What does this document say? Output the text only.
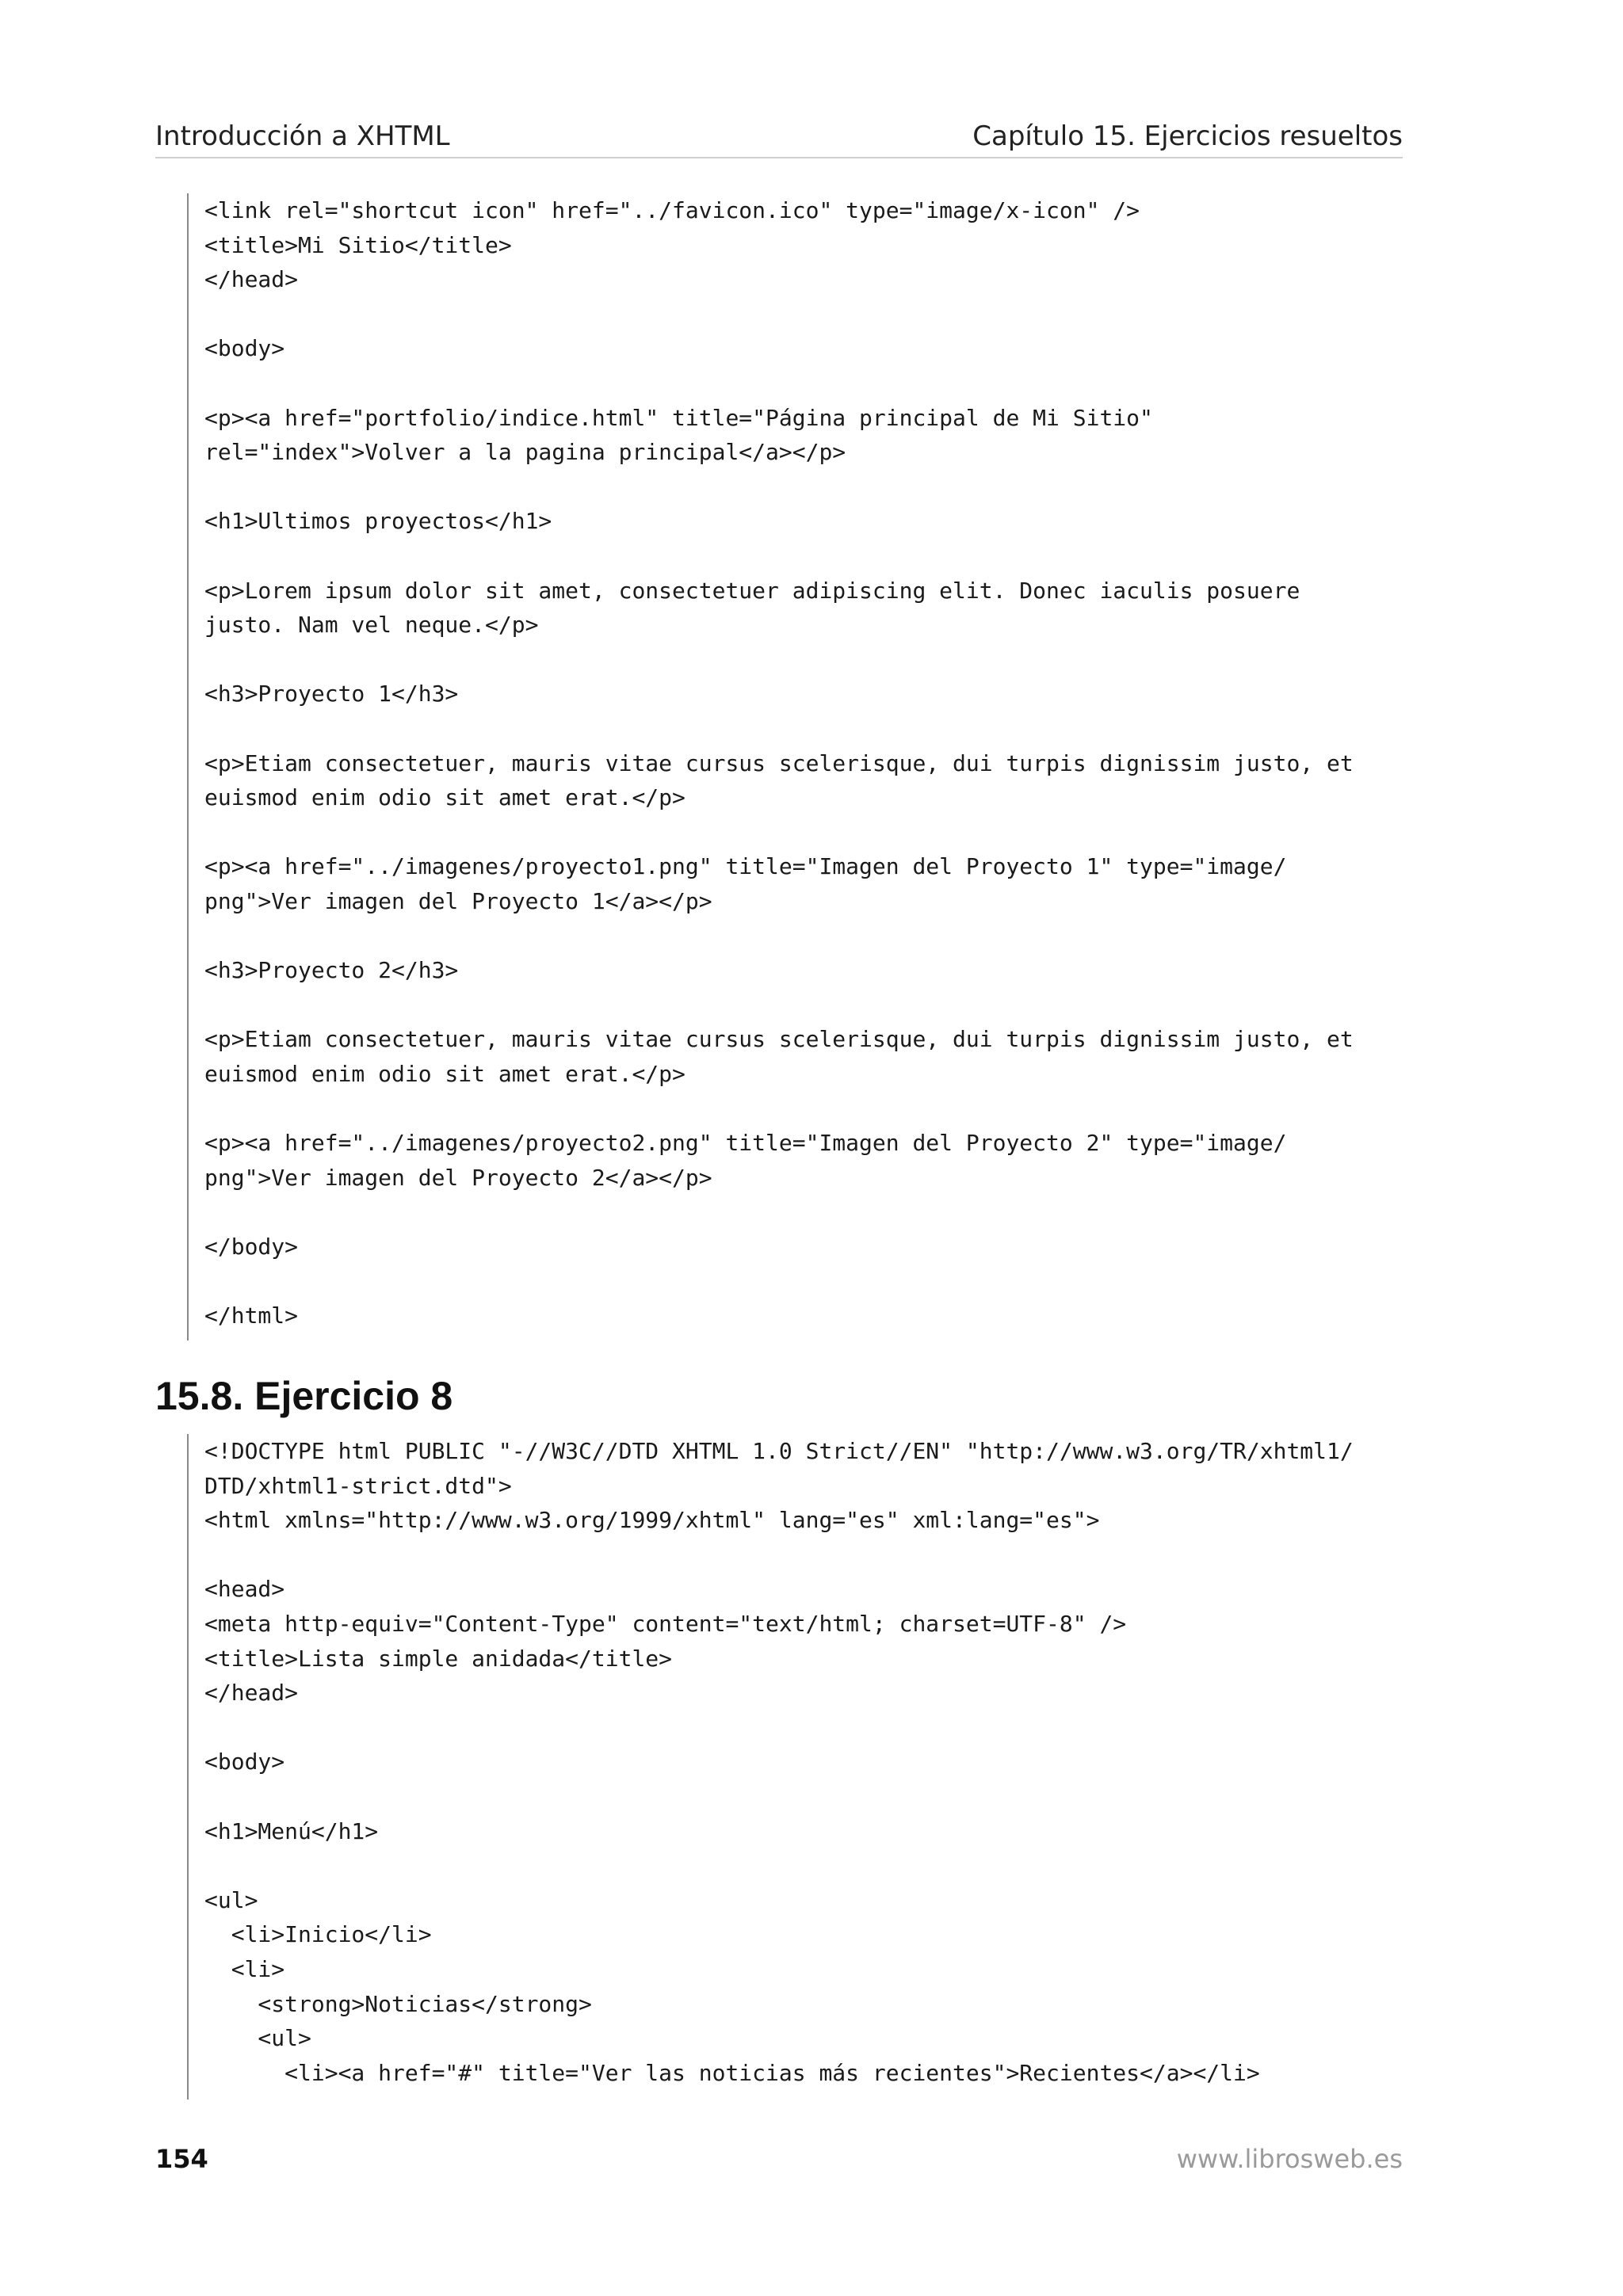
Introducción a XHTML	Capítulo 15. Ejercicios resueltos
<link rel="shortcut icon" href="../favicon.ico" type="image/x-icon" />
<title>Mi Sitio</title>
</head>
<body>
<p><a href="portfolio/indice.html" title="Página principal de Mi Sitio"
rel="index">Volver a la pagina principal</a></p>
<h1>Ultimos proyectos</h1>
<p>Lorem ipsum dolor sit amet, consectetuer adipiscing elit. Donec iaculis posuere
justo. Nam vel neque.</p>
<h3>Proyecto 1</h3>
<p>Etiam consectetuer, mauris vitae cursus scelerisque, dui turpis dignissim justo, et
euismod enim odio sit amet erat.</p>
<p><a href="../imagenes/proyecto1.png" title="Imagen del Proyecto 1" type="image/
png">Ver imagen del Proyecto 1</a></p>
<h3>Proyecto 2</h3>
<p>Etiam consectetuer, mauris vitae cursus scelerisque, dui turpis dignissim justo, et
euismod enim odio sit amet erat.</p>
<p><a href="../imagenes/proyecto2.png" title="Imagen del Proyecto 2" type="image/
png">Ver imagen del Proyecto 2</a></p>
</body>
</html>
15.8. Ejercicio 8
<!DOCTYPE html PUBLIC "-//W3C//DTD XHTML 1.0 Strict//EN" "http://www.w3.org/TR/xhtml1/
DTD/xhtml1-strict.dtd">
<html xmlns="http://www.w3.org/1999/xhtml" lang="es" xml:lang="es">
<head>
<meta http-equiv="Content-Type" content="text/html; charset=UTF-8" />
<title>Lista simple anidada</title>
</head>
<body>
<h1>Menú</h1>
<ul>
<li>Inicio</li>
<li>
<strong>Noticias</strong>
<ul>
<li><a href="#" title="Ver las noticias más recientes">Recientes</a></li>
154	www.librosweb.es
